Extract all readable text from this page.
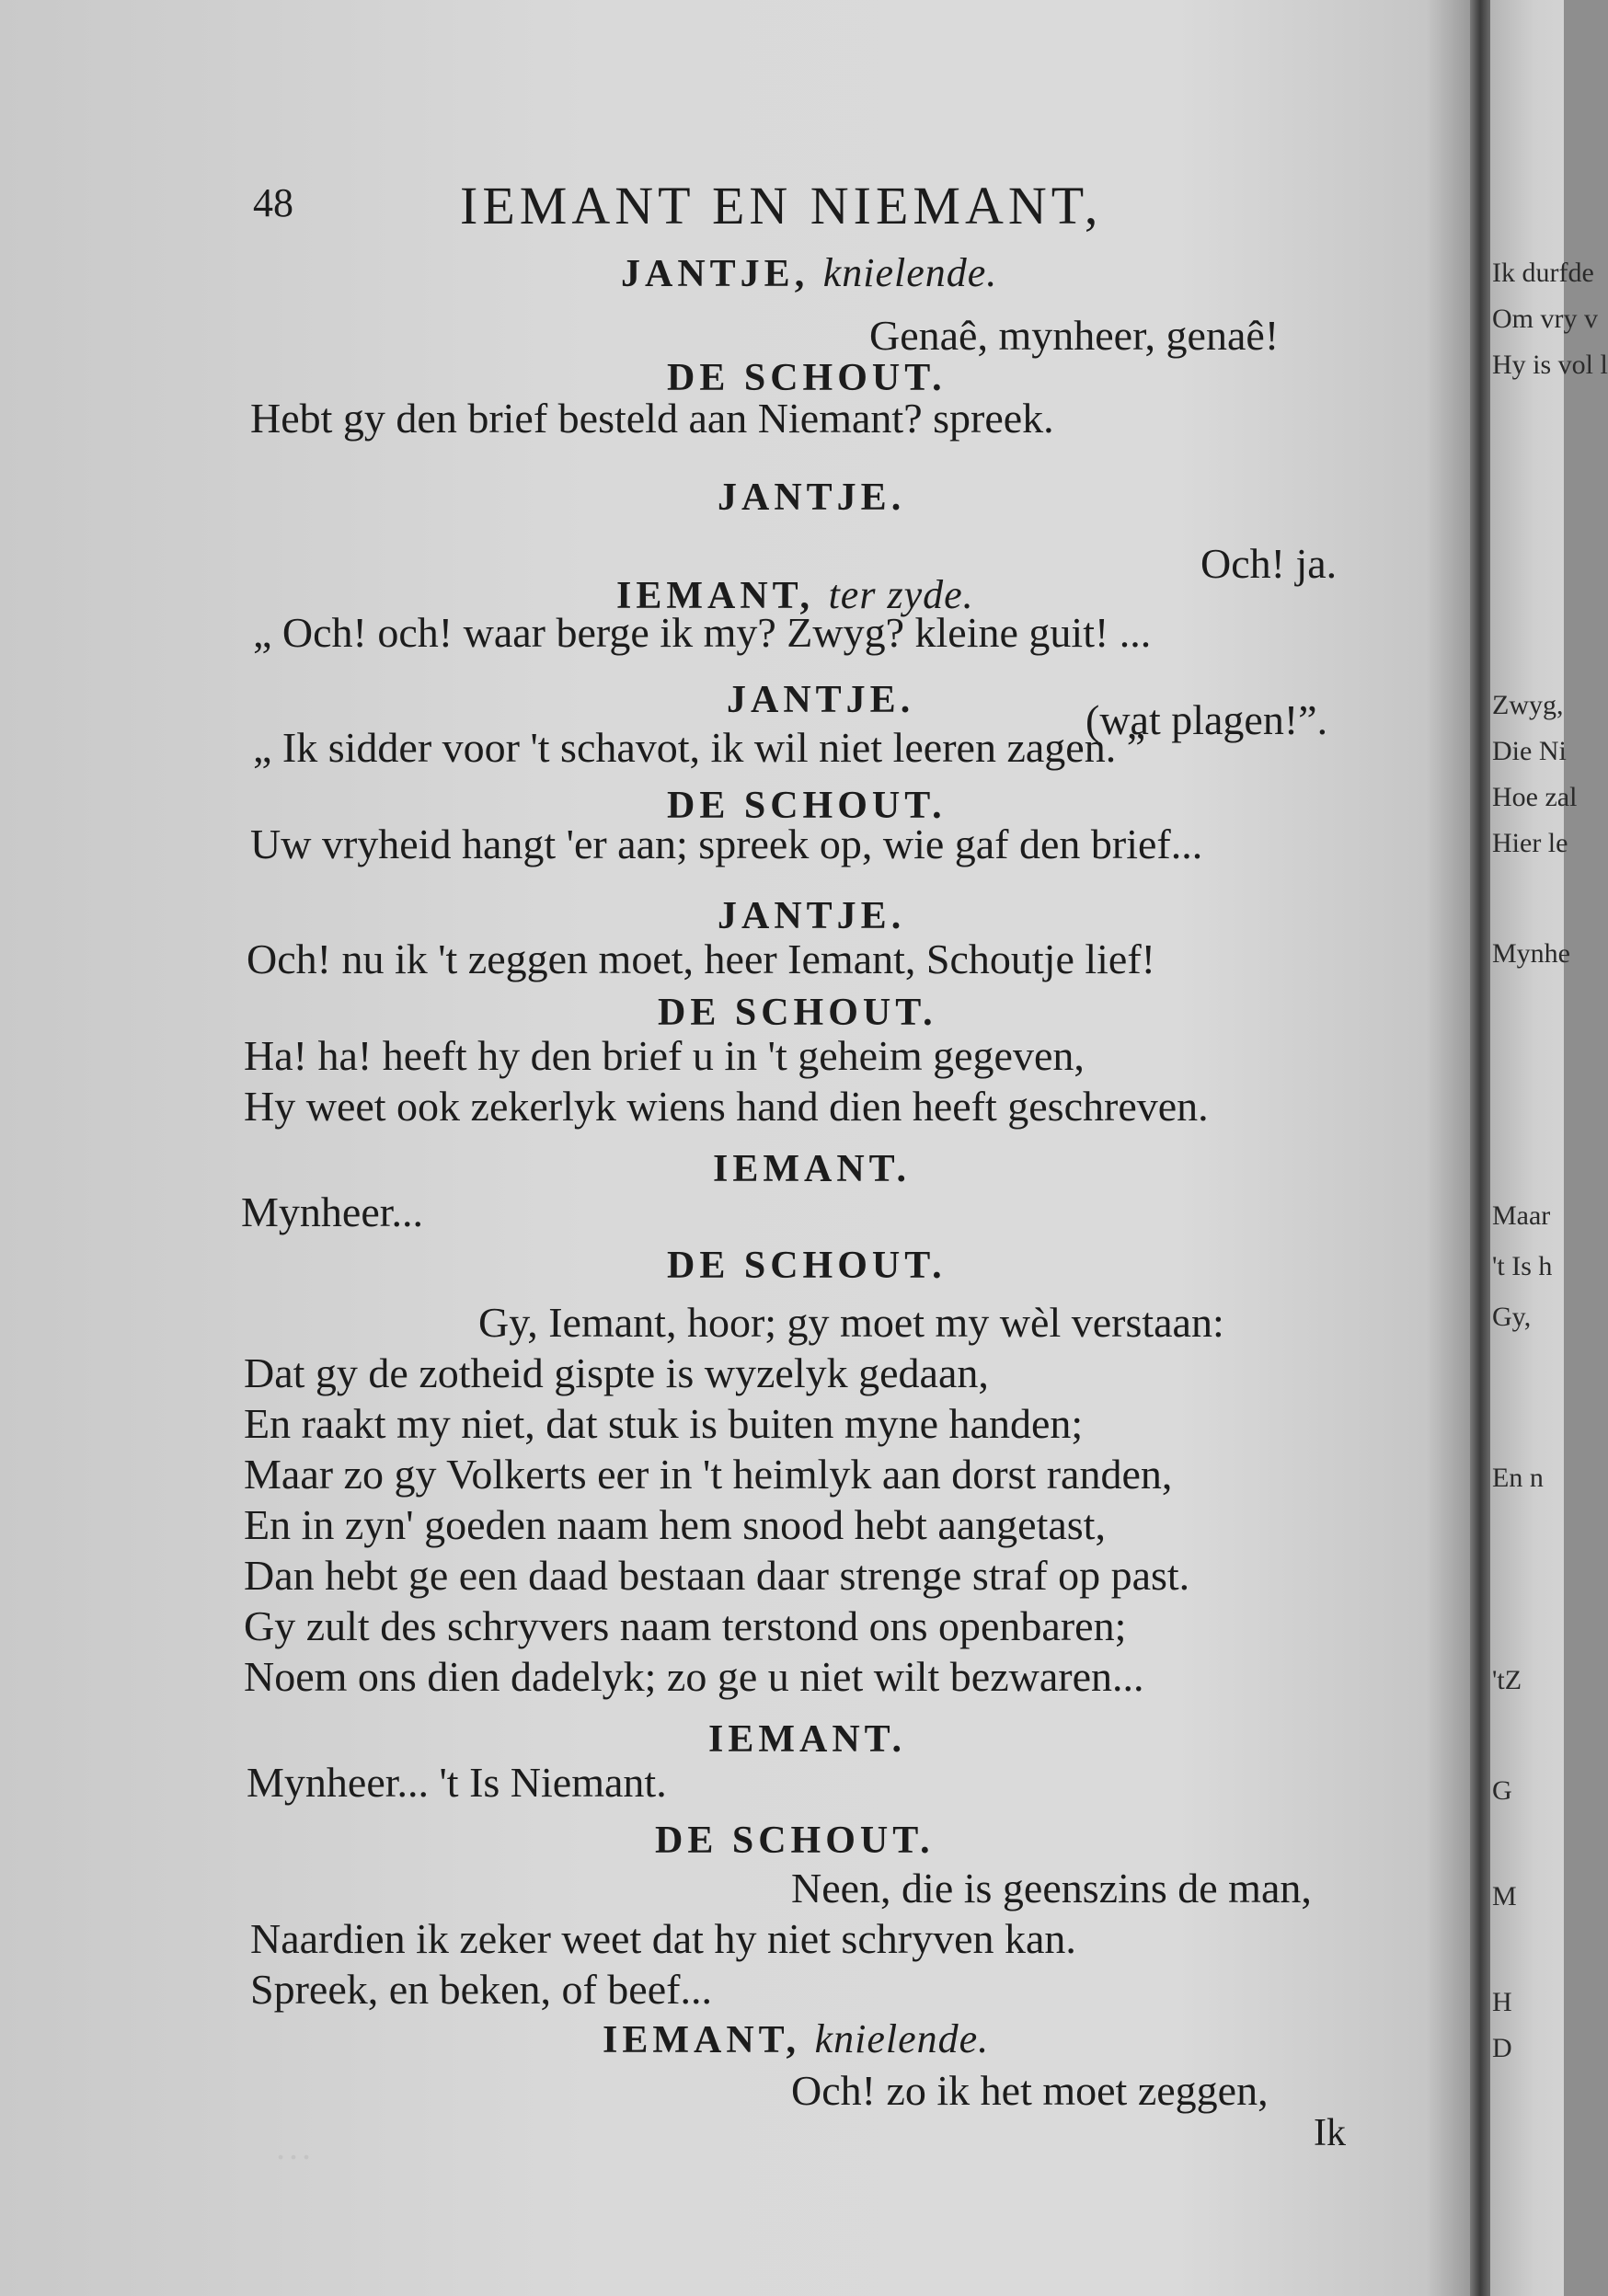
48	IEMANT EN NIEMANT,
JANTJE, knielende.
Genaê, mynheer, genaê!
DE SCHOUT.
Hebt gy den brief besteld aan Niemant? spreek.
JANTJE.
Och! ja.
IEMANT, ter zyde.
„ Och! och! waar berge ik my? Zwyg? kleine guit! ...
JANTJE.	(wat plagen!”.
„ Ik sidder voor 't schavot, ik wil niet leeren zagen. ”
DE SCHOUT.
Uw vryheid hangt 'er aan; spreek op, wie gaf den brief...
JANTJE.
Och! nu ik 't zeggen moet, heer Iemant, Schoutje lief!
DE SCHOUT.
Ha! ha! heeft hy den brief u in 't geheim gegeven,
Hy weet ook zekerlyk wiens hand dien heeft geschreven.
IEMANT.
Mynheer...
DE SCHOUT.
Gy, Iemant, hoor; gy moet my wèl verstaan:
Dat gy de zotheid gispte is wyzelyk gedaan,
En raakt my niet, dat stuk is buiten myne handen;
Maar zo gy Volkerts eer in 't heimlyk aan dorst randen,
En in zyn' goeden naam hem snood hebt aangetast,
Dan hebt ge een daad bestaan daar strenge straf op past.
Gy zult des schryvers naam terstond ons openbaren;
Noem ons dien dadelyk; zo ge u niet wilt bezwaren...
IEMANT.
Mynheer... 't Is Niemant.
DE SCHOUT.
Neen, die is geenszins de man,
Naardien ik zeker weet dat hy niet schryven kan.
Spreek, en beken, of beef...
IEMANT, knielende.
Och! zo ik het moet zeggen,
Ik
...
Ik durfde
Om vry v
Hy is vol l
Zwyg,
Die Ni
Hoe zal
Hier le
Mynhe
Maar
't Is h
Gy,
En n
'tZ
G
M
H
D
